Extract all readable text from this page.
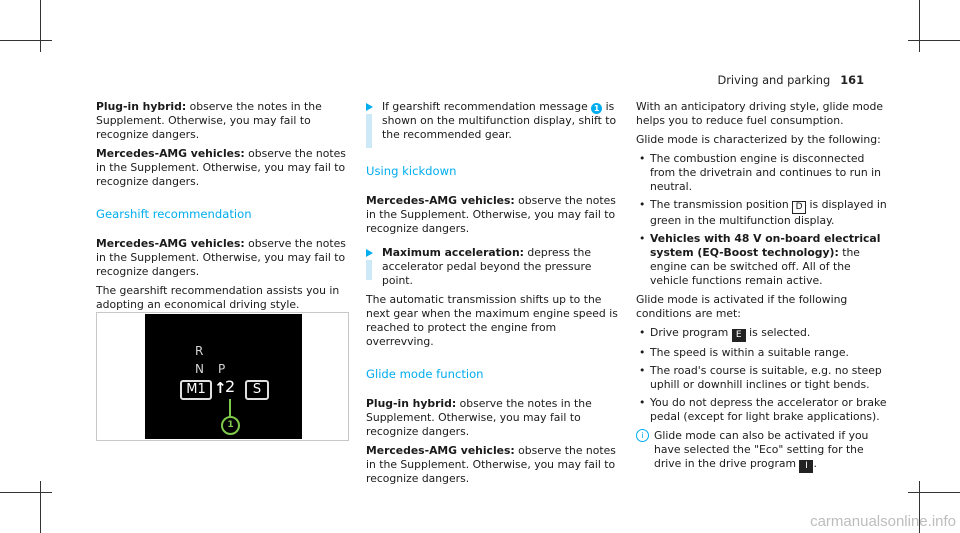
Driving and parking 161

Plug-in hybrid: observe the notes in the Supplement. Otherwise, you may fail to recognize dangers.

Mercedes-AMG vehicles: observe the notes in the Supplement. Otherwise, you may fail to recognize dangers.

Gearshift recommendation

Mercedes-AMG vehicles: observe the notes in the Supplement. Otherwise, you may fail to recognize dangers.

The gearshift recommendation assists you in adopting an economical driving style.

R
N P
M1 ↑
2	S
1
If gearshift recommendation message 1 is shown on the multifunction display, shift to the recommended gear.
Using kickdown

Mercedes-AMG vehicles: observe the notes in the Supplement. Otherwise, you may fail to recognize dangers.

Maximum acceleration: depress the accelerator pedal beyond the pressure point.

The automatic transmission shifts up to the next gear when the maximum engine speed is reached to protect the engine from overrevving.

Glide mode function

Plug-in hybrid: observe the notes in the Supplement. Otherwise, you may fail to recognize dangers.

Mercedes-AMG vehicles: observe the notes in the Supplement. Otherwise, you may fail to recognize dangers.

With an anticipatory driving style, glide mode helps you to reduce fuel consumption.

Glide mode is characterized by the following:

• The combustion engine is disconnected from the drivetrain and continues to run in neutral.
• The transmission position D is displayed in green in the multifunction display.
• Vehicles with 48 V on-board electrical system (EQ-Boost technology): the engine can be switched off. All of the vehicle functions remain active.

Glide mode is activated if the following conditions are met:

• Drive program E is selected.
• The speed is within a suitable range.
• The road's course is suitable, e.g. no steep uphill or downhill inclines or tight bends.
• You do not depress the accelerator or brake pedal (except for light brake applications).
i Glide mode can also be activated if you have selected the "Eco" setting for the drive in the drive program I .
carmanualsonline.info
